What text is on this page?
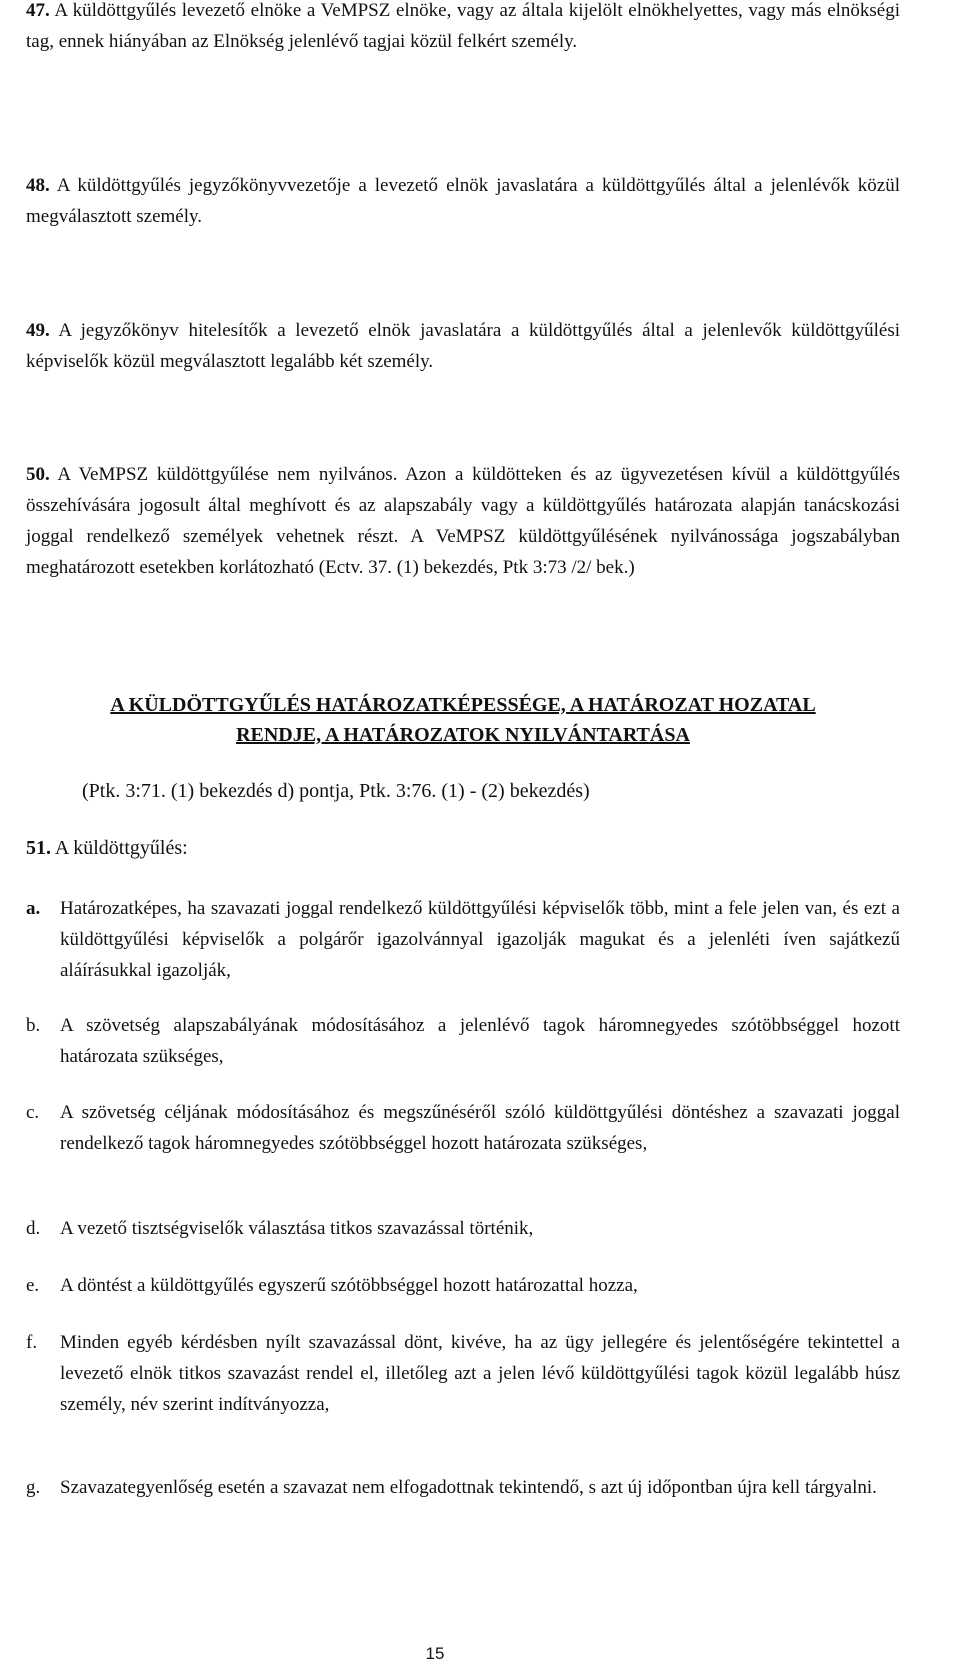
47. A küldöttgyűlés levezető elnöke a VeMPSZ elnöke, vagy az általa kijelölt elnökhelyettes, vagy más elnökségi tag, ennek hiányában az Elnökség jelenlévő tagjai közül felkért személy.
48. A küldöttgyűlés jegyzőkönyvvezetője a levezető elnök javaslatára a küldöttgyűlés által a jelenlévők közül megválasztott személy.
49. A jegyzőkönyv hitelesítők a levezető elnök javaslatára a küldöttgyűlés által a jelenlevők küldöttgyűlési képviselők közül megválasztott legalább két személy.
50. A VeMPSZ küldöttgyűlése nem nyilvános. Azon a küldötteken és az ügyvezetésen kívül a küldöttgyűlés összehívására jogosult által meghívott és az alapszabály vagy a küldöttgyűlés határozata alapján tanácskozási joggal rendelkező személyek vehetnek részt. A VeMPSZ küldöttgyűlésének nyilvánossága jogszabályban meghatározott esetekben korlátozható (Ectv. 37. (1) bekezdés, Ptk 3:73 /2/ bek.)
A KÜLDÖTTGYŰLÉS HATÁROZATKÉPESSÉGE, A HATÁROZAT HOZATAL
RENDJE, A HATÁROZATOK NYILVÁNTARTÁSA
(Ptk. 3:71. (1) bekezdés d) pontja, Ptk. 3:76. (1) - (2) bekezdés)
51. A küldöttgyűlés:
a. Határozatképes, ha szavazati joggal rendelkező küldöttgyűlési képviselők több, mint a fele jelen van, és ezt a küldöttgyűlési képviselők a polgárőr igazolvánnyal igazolják magukat és a jelenléti íven sajátkezű aláírásukkal igazolják,
b. A szövetség alapszabályának módosításához a jelenlévő tagok háromnegyedes szótöbbséggel hozott határozata szükséges,
c. A szövetség céljának módosításához és megszűnéséről szóló küldöttgyűlési döntéshez a szavazati joggal rendelkező tagok háromnegyedes szótöbbséggel hozott határozata szükséges,
d. A vezető tisztségviselők választása titkos szavazással történik,
e. A döntést a küldöttgyűlés egyszerű szótöbbséggel hozott határozattal hozza,
f. Minden egyéb kérdésben nyílt szavazással dönt, kivéve, ha az ügy jellegére és jelentőségére tekintettel a levezető elnök titkos szavazást rendel el, illetőleg azt a jelen lévő küldöttgyűlési tagok közül legalább húsz személy, név szerint indítványozza,
g. Szavazategyenlőség esetén a szavazat nem elfogadottnak tekintendő, s azt új időpontban újra kell tárgyalni.
15
